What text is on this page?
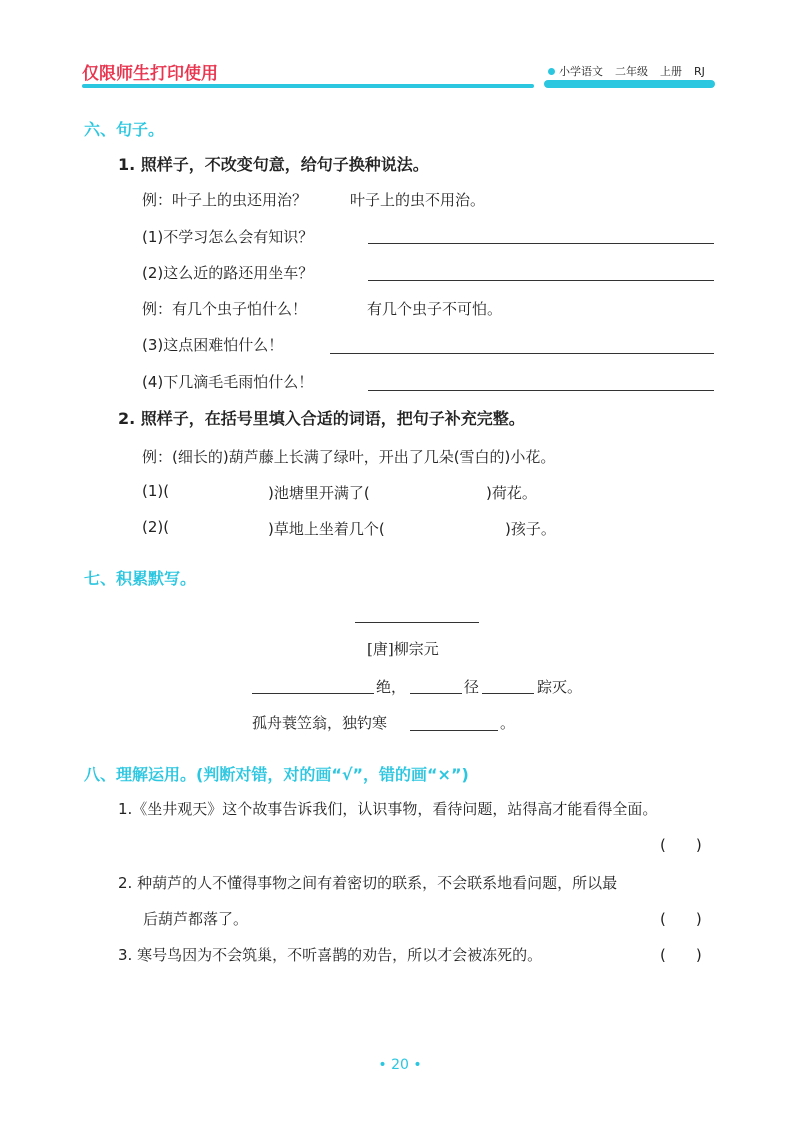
仅限师生打印使用	小学语文 二年级 上册 RJ
六、句子。
1. 照样子，不改变句意，给句子换种说法。
例：叶子上的虫还用治？	叶子上的虫不用治。
(1)不学习怎么会有知识？
(2)这么近的路还用坐车？
例：有几个虫子怕什么！	有几个虫子不可怕。
(3)这点困难怕什么！
(4)下几滴毛毛雨怕什么！
2. 照样子，在括号里填入合适的词语，把句子补充完整。
例：(细长的)葫芦藤上长满了绿叶，开出了几朵(雪白的)小花。
(1)(	)池塘里开满了(	)荷花。
(2)(	)草地上坐着几个(	)孩子。
七、积累默写。
[唐]柳宗元
绝，	径	踪灭。
孤舟蓑笠翁，独钓寒	。
八、理解运用。(判断对错，对的画“√”，错的画“×”)
1.《坐井观天》这个故事告诉我们，认识事物，看待问题，站得高才能看得全面。
(　　)
2. 种葫芦的人不懂得事物之间有着密切的联系，不会联系地看问题，所以最
后葫芦都落了。	(　　)
3. 寒号鸟因为不会筑巢，不听喜鹊的劝告，所以才会被冻死的。	(　　)
• 20 •
